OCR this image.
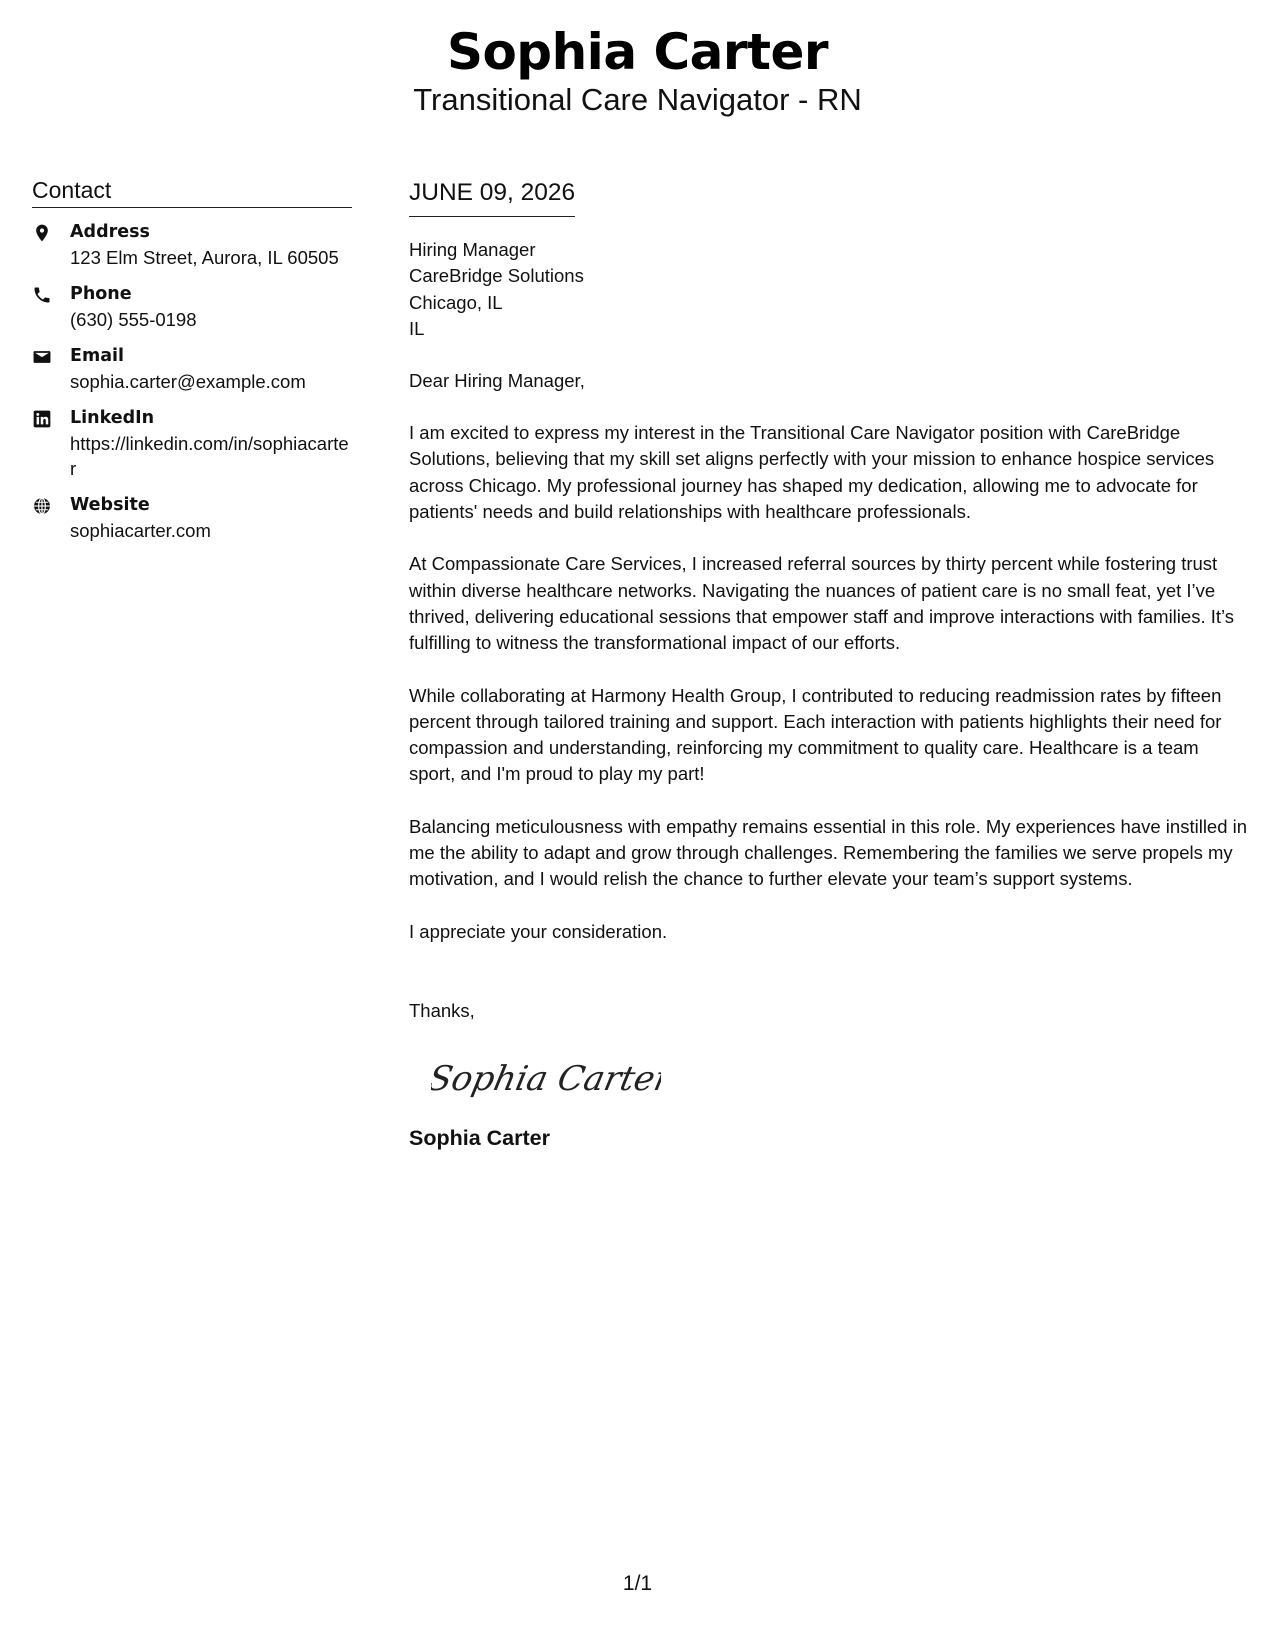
Sophia Carter
Transitional Care Navigator - RN
Contact
Address
123 Elm Street, Aurora, IL 60505
Phone
(630) 555-0198
Email
sophia.carter@example.com
LinkedIn
https://linkedin.com/in/sophiacarter
Website
sophiacarter.com
JUNE 09, 2026
Hiring Manager
CareBridge Solutions
Chicago, IL
IL
Dear Hiring Manager,
I am excited to express my interest in the Transitional Care Navigator position with CareBridge Solutions, believing that my skill set aligns perfectly with your mission to enhance hospice services across Chicago. My professional journey has shaped my dedication, allowing me to advocate for patients' needs and build relationships with healthcare professionals.
At Compassionate Care Services, I increased referral sources by thirty percent while fostering trust within diverse healthcare networks. Navigating the nuances of patient care is no small feat, yet I’ve thrived, delivering educational sessions that empower staff and improve interactions with families. It’s fulfilling to witness the transformational impact of our efforts.
While collaborating at Harmony Health Group, I contributed to reducing readmission rates by fifteen percent through tailored training and support. Each interaction with patients highlights their need for compassion and understanding, reinforcing my commitment to quality care. Healthcare is a team sport, and I'm proud to play my part!
Balancing meticulousness with empathy remains essential in this role. My experiences have instilled in me the ability to adapt and grow through challenges. Remembering the families we serve propels my motivation, and I would relish the chance to further elevate your team’s support systems.
I appreciate your consideration.
Thanks,
Sophia Carter
Sophia Carter
1/1
